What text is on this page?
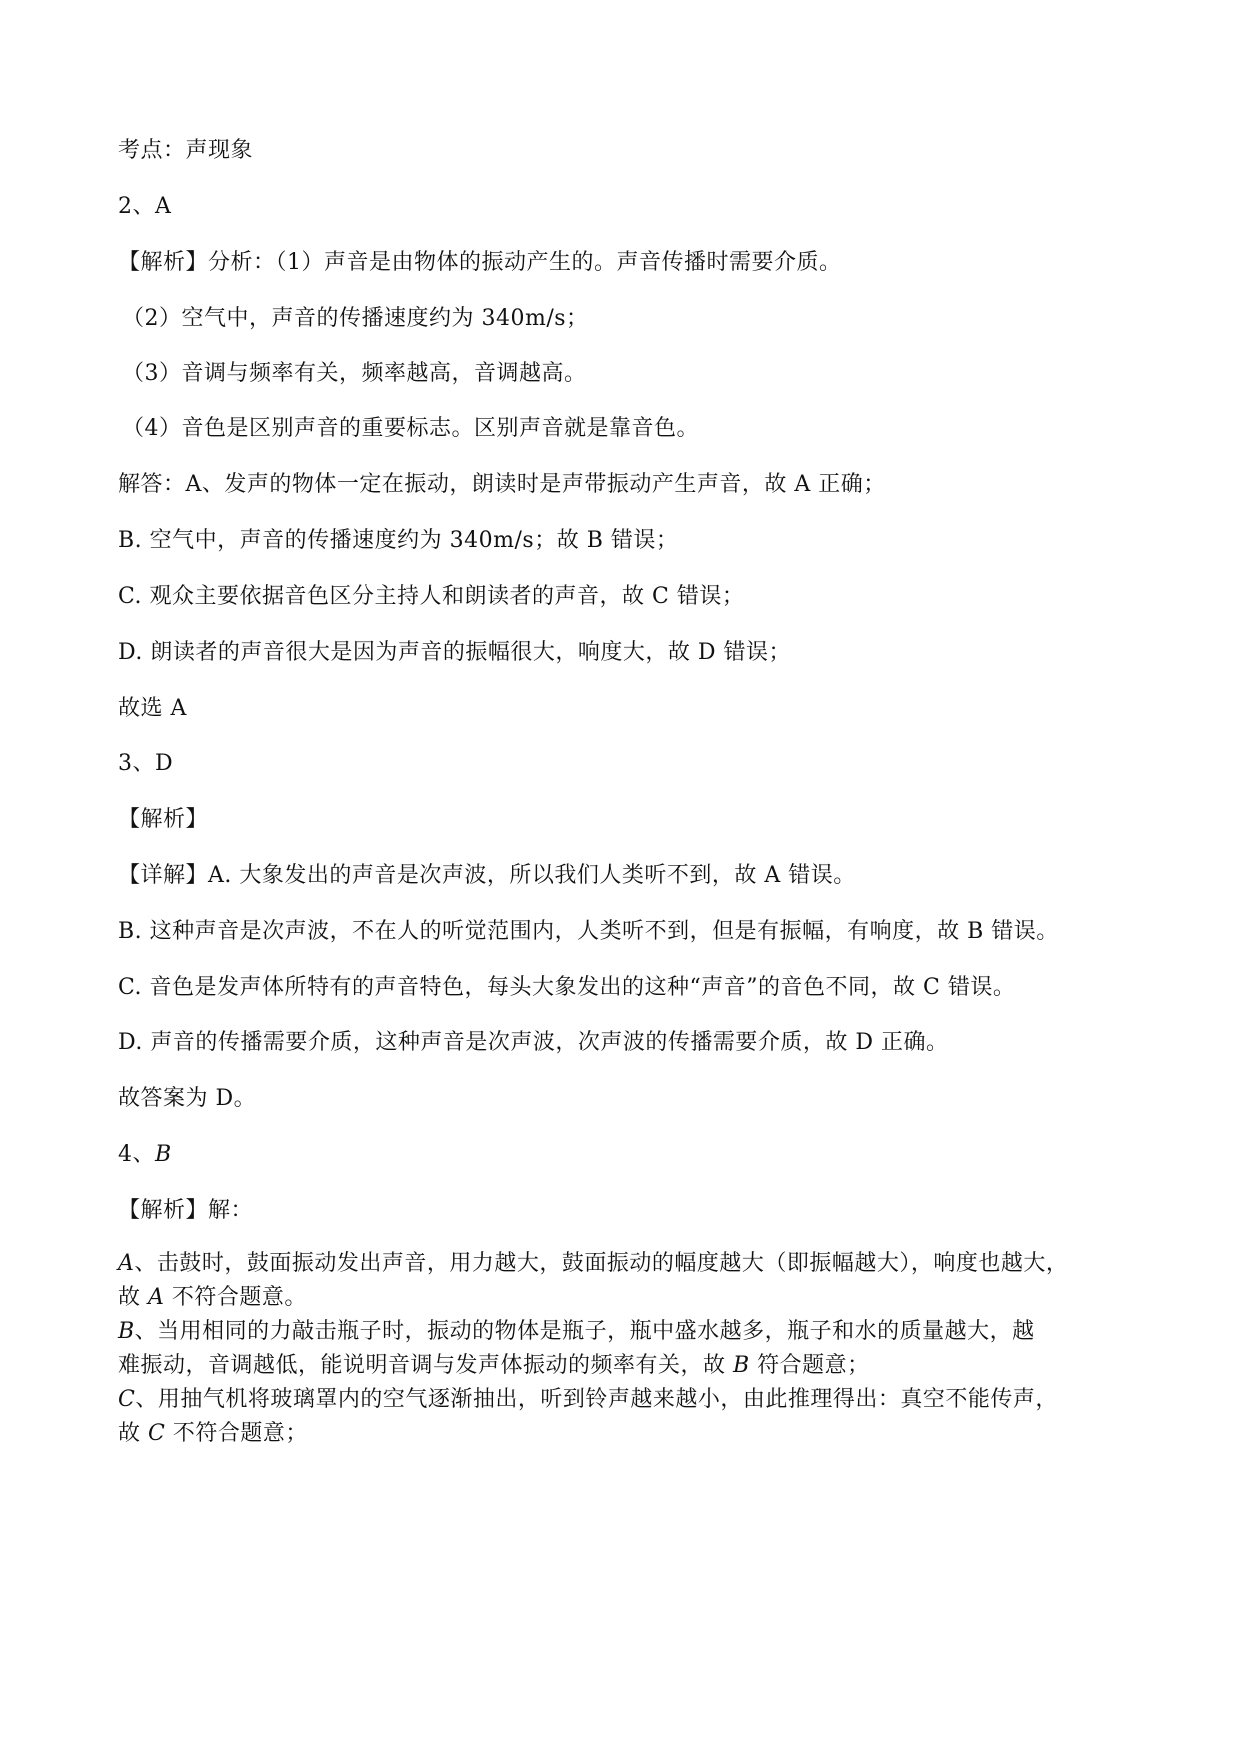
考点：声现象
2、A
【解析】分析：（1）声音是由物体的振动产生的。声音传播时需要介质。
（2）空气中，声音的传播速度约为 340m/s；
（3）音调与频率有关，频率越高，音调越高。
（4）音色是区别声音的重要标志。区别声音就是靠音色。
解答：A、发声的物体一定在振动，朗读时是声带振动产生声音，故 A 正确；
B. 空气中，声音的传播速度约为 340m/s；故 B 错误；
C. 观众主要依据音色区分主持人和朗读者的声音，故 C 错误；
D. 朗读者的声音很大是因为声音的振幅很大，响度大，故 D 错误；
故选 A
3、D
【解析】
【详解】A. 大象发出的声音是次声波，所以我们人类听不到，故 A 错误。
B. 这种声音是次声波，不在人的听觉范围内，人类听不到，但是有振幅，有响度，故 B 错误。
C. 音色是发声体所特有的声音特色，每头大象发出的这种“声音”的音色不同，故 C 错误。
D. 声音的传播需要介质，这种声音是次声波，次声波的传播需要介质，故 D 正确。
故答案为 D。
4、B
【解析】解：
A、击鼓时，鼓面振动发出声音，用力越大，鼓面振动的幅度越大（即振幅越大），响度也越大，
故 A 不符合题意。
B、当用相同的力敲击瓶子时，振动的物体是瓶子，瓶中盛水越多，瓶子和水的质量越大，越
难振动，音调越低，能说明音调与发声体振动的频率有关，故 B 符合题意；
C、用抽气机将玻璃罩内的空气逐渐抽出，听到铃声越来越小，由此推理得出：真空不能传声，
故 C 不符合题意；
